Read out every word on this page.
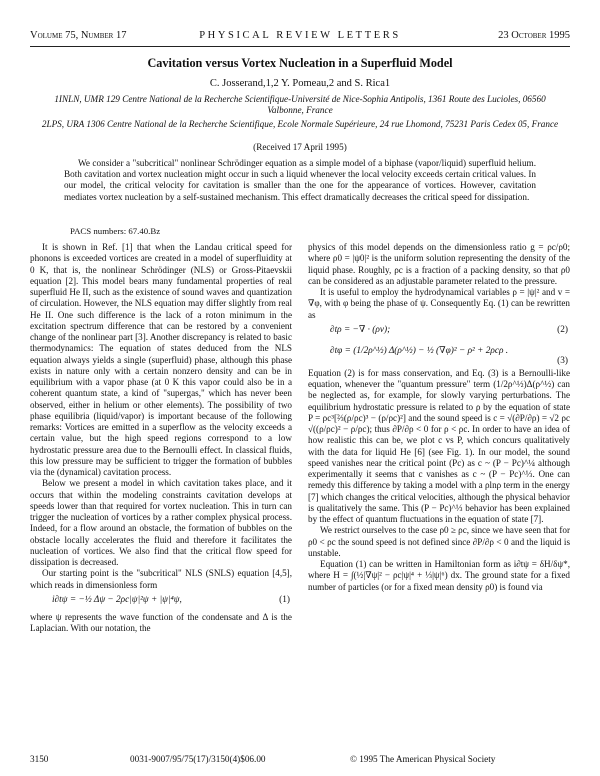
Volume 75, Number 17	PHYSICAL REVIEW LETTERS	23 October 1995
Cavitation versus Vortex Nucleation in a Superfluid Model
C. Josserand,1,2 Y. Pomeau,2 and S. Rica1
1INLN, UMR 129 Centre National de la Recherche Scientifique-Université de Nice-Sophia Antipolis, 1361 Route des Lucioles, 06560 Valbonne, France
2LPS, URA 1306 Centre National de la Recherche Scientifique, Ecole Normale Supérieure, 24 rue Lhomond, 75231 Paris Cedex 05, France
(Received 17 April 1995)
We consider a "subcritical" nonlinear Schrödinger equation as a simple model of a biphase (vapor/liquid) superfluid helium. Both cavitation and vortex nucleation might occur in such a liquid whenever the local velocity exceeds certain critical values. In our model, the critical velocity for cavitation is smaller than the one for the appearance of vortices. However, cavitation mediates vortex nucleation by a self-sustained mechanism. This effect dramatically decreases the critical speed for dissipation.
PACS numbers: 67.40.Bz

It is shown in Ref. [1] that when the Landau critical speed for phonons is exceeded vortices are created in a model of superfluidity at 0 K, that is, the nonlinear Schrödinger (NLS) or Gross-Pitaevskii equation [2]. This model bears many fundamental properties of real superfluid He II, such as the existence of sound waves and quantization of circulation. However, the NLS equation may differ slightly from real He II. One such difference is the lack of a roton minimum in the excitation spectrum difference that can be restored by a convenient change of the nonlinear part [3]. Another discrepancy is related to basic thermodynamics: The equation of states deduced from the NLS equation always yields a single (superfluid) phase, although this phase exists in nature only with a certain nonzero density and can be in equilibrium with a vapor phase (at 0 K this vapor could also be in a coherent quantum state, a kind of "supergas," which has never been observed, either in helium or other elements). The possibility of two phase equilibria (liquid/vapor) is important because of the following remarks: Vortices are emitted in a superflow as the velocity exceeds a certain value, but the high speed regions correspond to a low hydrostatic pressure area due to the Bernoulli effect. In classical fluids, this low pressure may be sufficient to trigger the formation of bubbles via the (dynamical) cavitation process.

Below we present a model in which cavitation takes place, and it occurs that within the modeling constraints cavitation develops at speeds lower than that required for vortex nucleation. This in turn can trigger the nucleation of vortices by a rather complex physical process. Indeed, for a flow around an obstacle, the formation of bubbles on the obstacle locally accelerates the fluid and therefore it facilitates the nucleation of vortices. We also find that the critical flow speed for dissipation is decreased.

Our starting point is the "subcritical" NLS (SNLS) equation [4,5], which reads in dimensionless form

i∂tψ = −½ Δψ − 2ρc|ψ|²ψ + |ψ|⁴ψ,	(1)

where ψ represents the wave function of the condensate and Δ is the Laplacian. With our notation, the

physics of this model depends on the dimensionless ratio g = ρc/ρ0; where ρ0 = |ψ0|² is the uniform solution representing the density of the liquid phase. Roughly, ρc is a fraction of a packing density, so that ρ0 can be considered as an adjustable parameter related to the pressure.

It is useful to employ the hydrodynamical variables ρ = |ψ|² and v = ∇φ, with φ being the phase of ψ. Consequently Eq. (1) can be rewritten as

∂tρ = −∇ · (ρv);	(2)
∂tφ = (1/2ρ^½) Δ(ρ^½) − ½ (∇φ)² − ρ² + 2ρcρ .
(3)

Equation (2) is for mass conservation, and Eq. (3) is a Bernoulli-like equation, whenever the "quantum pressure" term (1/2ρ^½)Δ(ρ^½) can be neglected as, for example, for slowly varying perturbations. The equilibrium hydrostatic pressure is related to ρ by the equation of state P = ρc³[⅔(ρ/ρc)³ − (ρ/ρc)²] and the sound speed is c = √(∂P/∂ρ) = √2 ρc √((ρ/ρc)² − ρ/ρc); thus ∂P/∂ρ < 0 for ρ < ρc. In order to have an idea of how realistic this can be, we plot c vs P, which concurs qualitatively with the data for liquid He [6] (see Fig. 1). In our model, the sound speed vanishes near the critical point (Pc) as c ~ (P − Pc)^¼ although experimentally it seems that c vanishes as c ~ (P − Pc)^⅓. One can remedy this difference by taking a model with a ρlnρ term in the energy [7] which changes the critical velocities, although the physical behavior is qualitatively the same. This (P − Pc)^⅓ behavior has been explained by the effect of quantum fluctuations in the equation of state [7].

We restrict ourselves to the case ρ0 ≥ ρc, since we have seen that for ρ0 < ρc the sound speed is not defined since ∂P/∂ρ < 0 and the liquid is unstable.

Equation (1) can be written in Hamiltonian form as i∂tψ = δH/δψ*, where H = ∫(½|∇ψ|² − ρc|ψ|⁴ + ⅓|ψ|⁶) dx. The ground state for a fixed number of particles (or for a fixed mean density ρ0) is found via

3150	0031-9007/95/75(17)/3150(4)$06.00	© 1995 The American Physical Society
